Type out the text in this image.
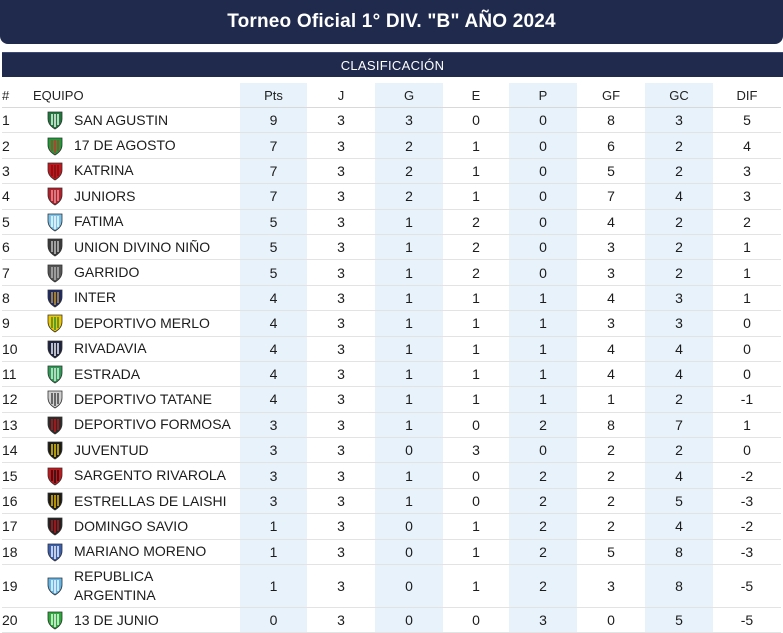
Torneo Oficial 1° DIV. "B" AÑO 2024
CLASIFICACIÓN
#	EQUIPO	Pts	J	G	E	P	GF	GC	DIF
1	SAN AGUSTIN	9	3	3	0	0	8	3	5
2	17 DE AGOSTO	7	3	2	1	0	6	2	4
3	KATRINA	7	3	2	1	0	5	2	3
4	JUNIORS	7	3	2	1	0	7	4	3
5	FATIMA	5	3	1	2	0	4	2	2
6	UNION DIVINO NIÑO	5	3	1	2	0	3	2	1
7	GARRIDO	5	3	1	2	0	3	2	1
8	INTER	4	3	1	1	1	4	3	1
9	DEPORTIVO MERLO	4	3	1	1	1	3	3	0
10	RIVADAVIA	4	3	1	1	1	4	4	0
11	ESTRADA	4	3	1	1	1	4	4	0
12	DEPORTIVO TATANE	4	3	1	1	1	1	2	-1
13	DEPORTIVO FORMOSA	3	3	1	0	2	8	7	1
14	JUVENTUD	3	3	0	3	0	2	2	0
15	SARGENTO RIVAROLA	3	3	1	0	2	2	4	-2
16	ESTRELLAS DE LAISHI	3	3	1	0	2	2	5	-3
17	DOMINGO SAVIO	1	3	0	1	2	2	4	-2
18	MARIANO MORENO	1	3	0	1	2	5	8	-3
19	REPUBLICA ARGENTINA	1	3	0	1	2	3	8	-5
20	13 DE JUNIO	0	3	0	0	3	0	5	-5
